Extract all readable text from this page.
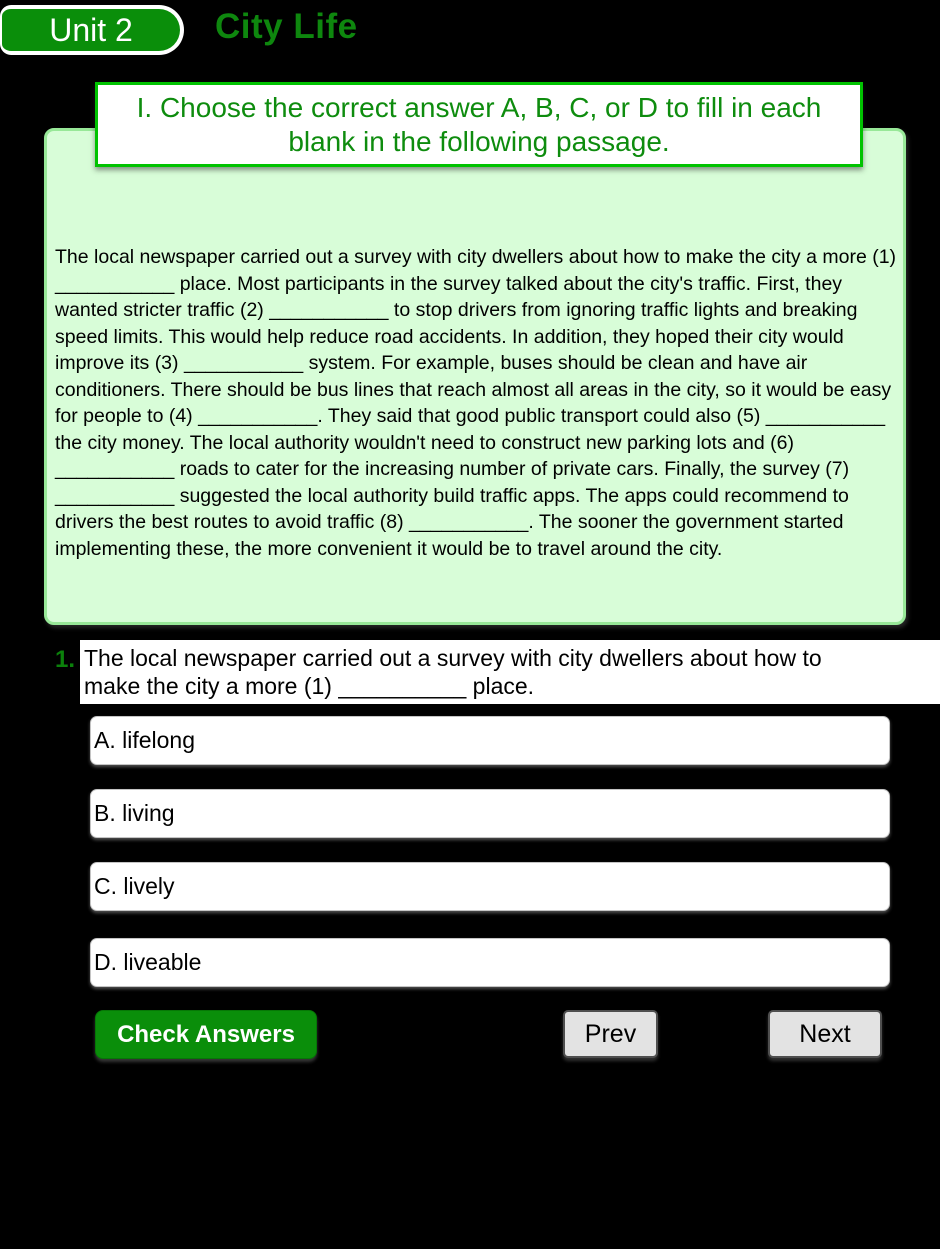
Unit 2 City Life

The local newspaper carried out a survey with city dwellers about how to make the city a more (1) ___________ place. Most participants in the survey talked about the city's traffic. First, they wanted stricter traffic (2) ___________ to stop drivers from ignoring traffic lights and breaking speed limits. This would help reduce road accidents. In addition, they hoped their city would improve its (3) ___________ system. For example, buses should be clean and have air conditioners. There should be bus lines that reach almost all areas in the city, so it would be easy for people to (4) ___________. They said that good public transport could also (5) ___________ the city money. The local authority wouldn't need to construct new parking lots and (6) ___________ roads to cater for the increasing number of private cars. Finally, the survey (7) ___________ suggested the local authority build traffic apps. The apps could recommend to drivers the best routes to avoid traffic (8) ___________. The sooner the government started implementing these, the more convenient it would be to travel around the city.

I. Choose the correct answer A, B, C, or D to fill in each blank in the following passage.
1. The local newspaper carried out a survey with city dwellers about how to make the city a more (1) __________ place.
A. lifelong
B. living
C. lively
D. liveable
Check Answers	Prev	Next
